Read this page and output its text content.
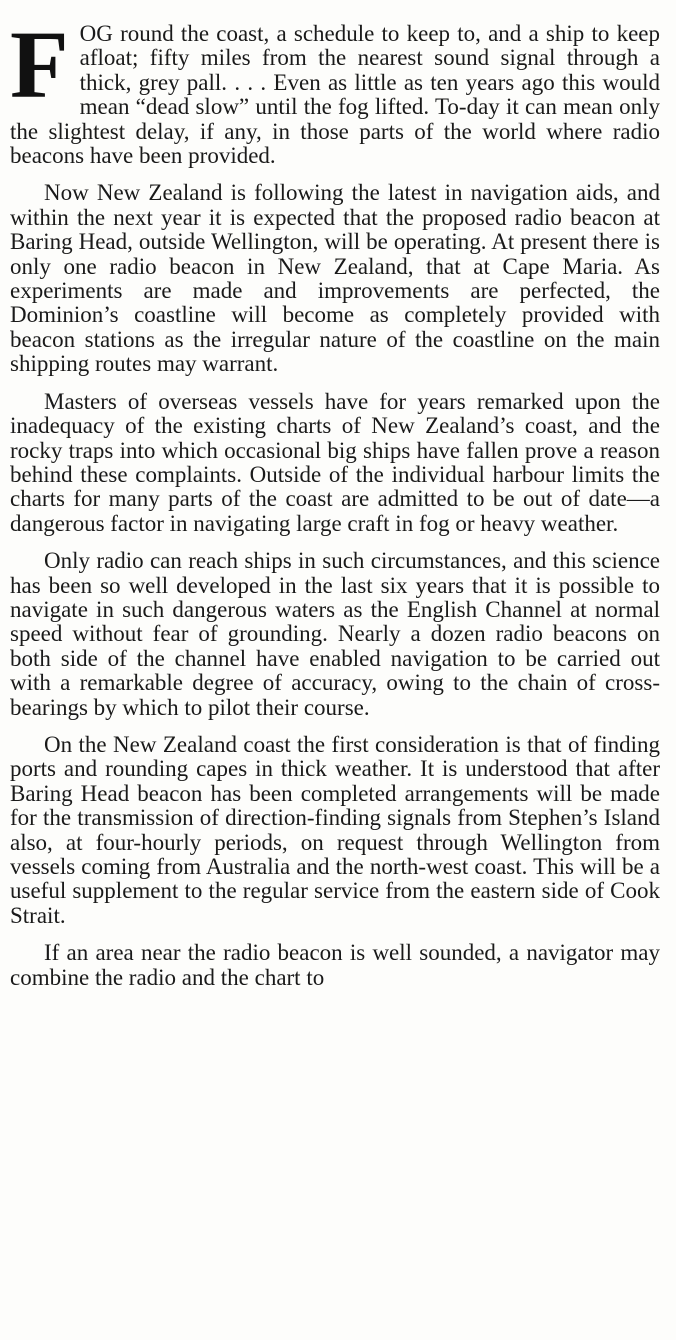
F OG round the coast, a schedule to keep to, and a ship to keep afloat; fifty miles from the nearest sound signal through a thick, grey pall. . . . Even as little as ten years ago this would mean “dead slow” until the fog lifted. To-day it can mean only the slightest delay, if any, in those parts of the world where radio beacons have been provided.

Now New Zealand is following the latest in navigation aids, and within the next year it is expected that the proposed radio beacon at Baring Head, outside Wellington, will be operating. At present there is only one radio beacon in New Zealand, that at Cape Maria. As experiments are made and improvements are perfected, the Dominion’s coastline will become as completely provided with beacon stations as the irregular nature of the coastline on the main shipping routes may warrant.

Masters of overseas vessels have for years remarked upon the inadequacy of the existing charts of New Zealand’s coast, and the rocky traps into which occasional big ships have fallen prove a reason behind these complaints. Outside of the individual harbour limits the charts for many parts of the coast are admitted to be out of date—a dangerous factor in navigating large craft in fog or heavy weather.

Only radio can reach ships in such circumstances, and this science has been so well developed in the last six years that it is possible to navigate in such dangerous waters as the English Channel at normal speed without fear of grounding. Nearly a dozen radio beacons on both side of the channel have enabled navigation to be carried out with a remarkable degree of accuracy, owing to the chain of cross-bearings by which to pilot their course.

On the New Zealand coast the first consideration is that of finding ports and rounding capes in thick weather. It is understood that after Baring Head beacon has been completed arrangements will be made for the transmission of direction-finding signals from Stephen’s Island also, at four-hourly periods, on request through Wellington from vessels coming from Australia and the north-west coast. This will be a useful supplement to the regular service from the eastern side of Cook Strait.

If an area near the radio beacon is well sounded, a navigator may combine the radio and the chart to
